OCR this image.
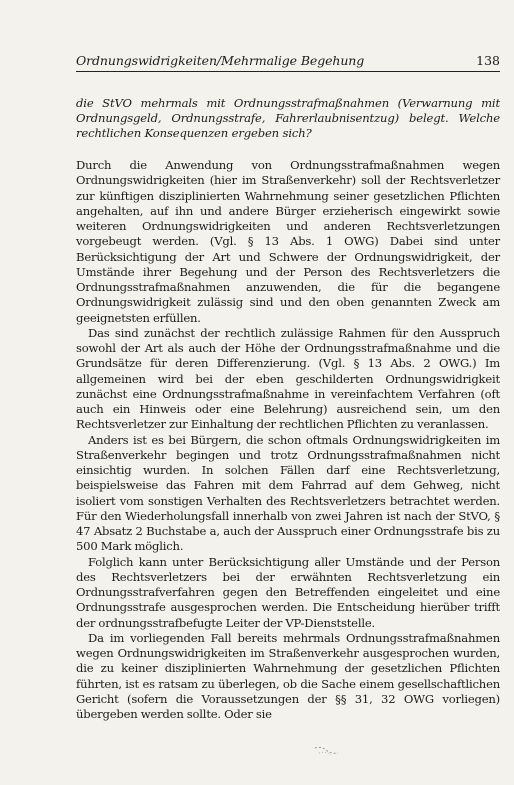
Ordnungswidrigkeiten/Mehrmalige Begehung	138
die StVO mehrmals mit Ordnungsstrafmaßnahmen (Verwarnung mit Ordnungsgeld, Ordnungsstrafe, Fahrerlaubnisentzug) belegt. Welche rechtlichen Konsequenzen ergeben sich?

Durch die Anwendung von Ordnungsstrafmaßnahmen wegen Ordnungswidrigkeiten (hier im Straßenverkehr) soll der Rechtsverletzer zur künftigen disziplinierten Wahrnehmung seiner gesetzlichen Pflichten angehalten, auf ihn und andere Bürger erzieherisch eingewirkt sowie weiteren Ordnungswidrigkeiten und anderen Rechtsverletzungen vorgebeugt werden. (Vgl. § 13 Abs. 1 OWG) Dabei sind unter Berücksichtigung der Art und Schwere der Ordnungswidrigkeit, der Umstände ihrer Begehung und der Person des Rechtsverletzers die Ordnungsstrafmaßnahmen anzuwenden, die für die begangene Ordnungswidrigkeit zulässig sind und den oben genannten Zweck am geeignetsten erfüllen.

Das sind zunächst der rechtlich zulässige Rahmen für den Ausspruch sowohl der Art als auch der Höhe der Ordnungsstrafmaßnahme und die Grundsätze für deren Differenzierung. (Vgl. § 13 Abs. 2 OWG.) Im allgemeinen wird bei der eben geschilderten Ordnungswidrigkeit zunächst eine Ordnungsstrafmaßnahme in vereinfachtem Verfahren (oft auch ein Hinweis oder eine Belehrung) ausreichend sein, um den Rechtsverletzer zur Einhaltung der rechtlichen Pflichten zu veranlassen.

Anders ist es bei Bürgern, die schon oftmals Ordnungswidrigkeiten im Straßenverkehr begingen und trotz Ordnungsstrafmaßnahmen nicht einsichtig wurden. In solchen Fällen darf eine Rechtsverletzung, beispielsweise das Fahren mit dem Fahrrad auf dem Gehweg, nicht isoliert vom sonstigen Verhalten des Rechtsverletzers betrachtet werden. Für den Wiederholungsfall innerhalb von zwei Jahren ist nach der StVO, § 47 Absatz 2 Buchstabe a, auch der Ausspruch einer Ordnungsstrafe bis zu 500 Mark möglich.

Folglich kann unter Berücksichtigung aller Umstände und der Person des Rechtsverletzers bei der erwähnten Rechtsverletzung ein Ordnungsstrafverfahren gegen den Betreffenden eingeleitet und eine Ordnungsstrafe ausgesprochen werden. Die Entscheidung hierüber trifft der ordnungsstrafbefugte Leiter der VP-Dienststelle.

Da im vorliegenden Fall bereits mehrmals Ordnungsstrafmaßnahmen wegen Ordnungswidrigkeiten im Straßenverkehr ausgesprochen wurden, die zu keiner disziplinierten Wahrnehmung der gesetzlichen Pflichten führten, ist es ratsam zu überlegen, ob die Sache einem gesellschaftlichen Gericht (sofern die Voraussetzungen der §§ 31, 32 OWG vorliegen) übergeben werden sollte. Oder sie
